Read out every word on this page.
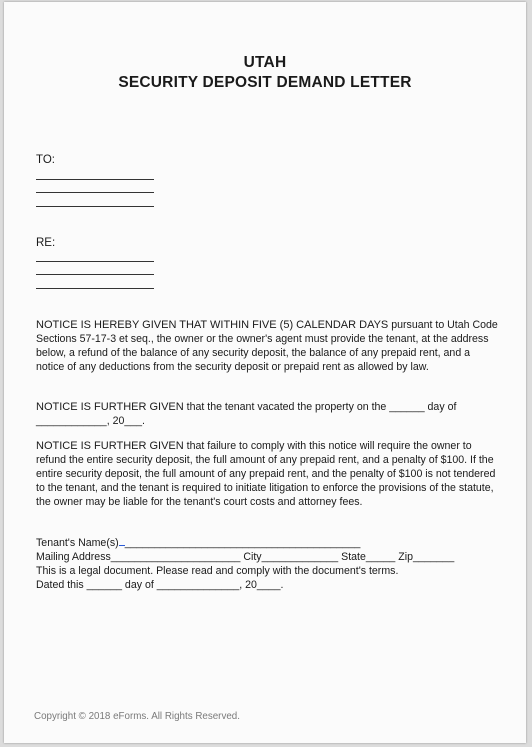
UTAH
SECURITY DEPOSIT DEMAND LETTER
TO:
RE:

NOTICE IS HEREBY GIVEN THAT WITHIN FIVE (5) CALENDAR DAYS pursuant to Utah Code Sections 57-17-3 et seq., the owner or the owner's agent must provide the tenant, at the address below, a refund of the balance of any security deposit, the balance of any prepaid rent, and a notice of any deductions from the security deposit or prepaid rent as allowed by law.

NOTICE IS FURTHER GIVEN that the tenant vacated the property on the ______ day of ____________, 20___.

NOTICE IS FURTHER GIVEN that failure to comply with this notice will require the owner to refund the entire security deposit, the full amount of any prepaid rent, and a penalty of $100. If the entire security deposit, the full amount of any prepaid rent, and the penalty of $100 is not tendered to the tenant, and the tenant is required to initiate litigation to enforce the provisions of the statute, the owner may be liable for the tenant's court costs and attorney fees.

Tenant's Name(s) ________________________________________
Mailing Address______________________ City_____________ State_____ Zip_______
This is a legal document. Please read and comply with the document's terms.
Dated this ______ day of ______________, 20____.
Copyright © 2018 eForms. All Rights Reserved.
